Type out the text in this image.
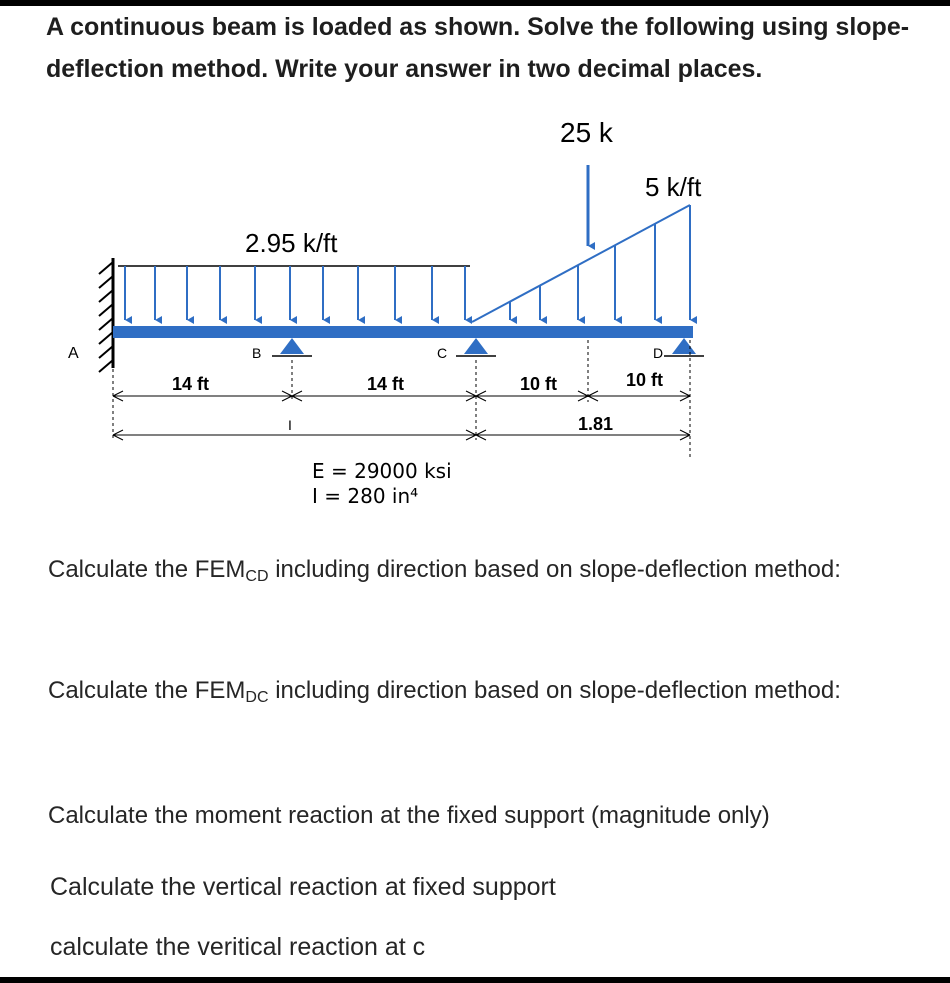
A continuous beam is loaded as shown. Solve the following using slope-
deflection method. Write your answer in two decimal places.
A
2.95 k/ft
5 k/ft
25 k
B	C	D
14 ft	14 ft	10 ft	10 ft
1.81
I
E = 29000 ksi
I = 280 in⁴
Calculate the $FEM_{CD}$ including direction based on slope-deflection method:
Calculate the $FEM_{DC}$ including direction based on slope-deflection method:
Calculate the moment reaction at the fixed support (magnitude only)
Calculate the vertical reaction at fixed support
calculate the veritical reaction at c
